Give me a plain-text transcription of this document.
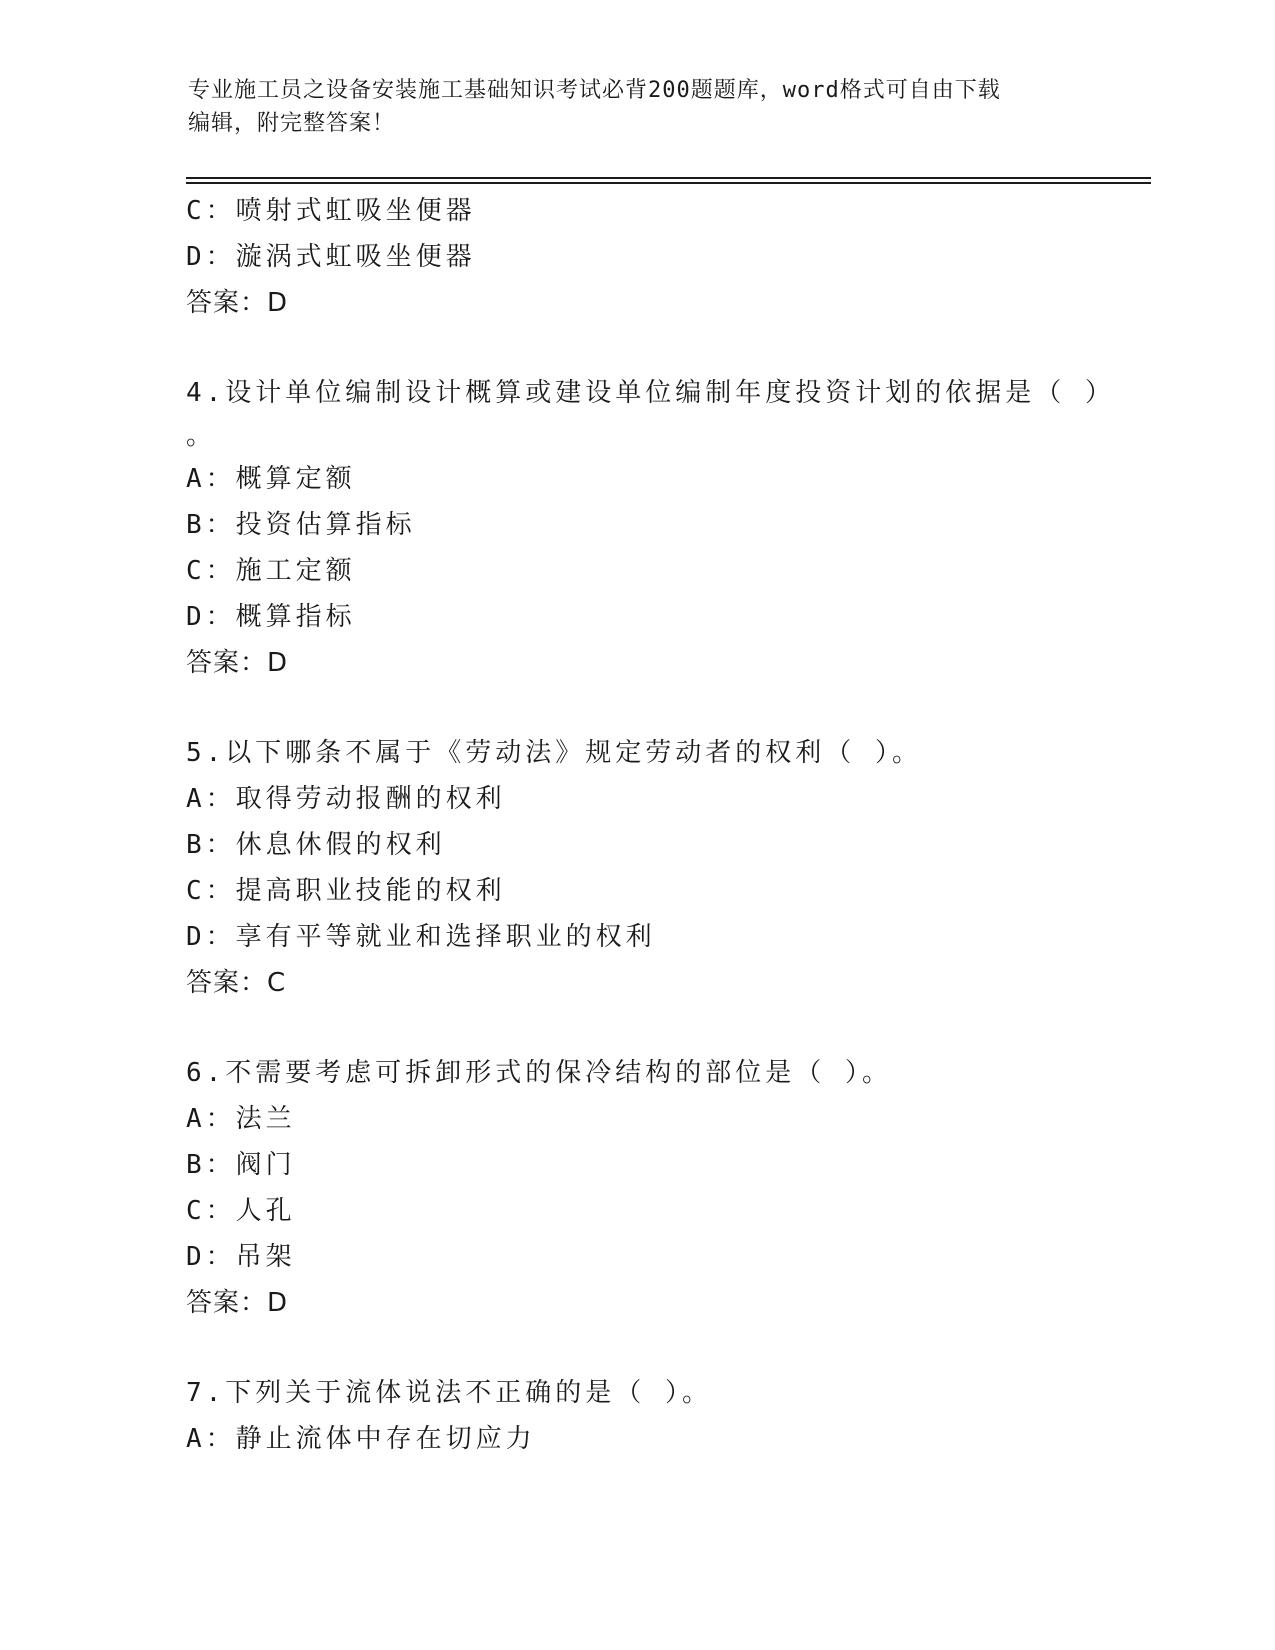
专业施工员之设备安装施工基础知识考试必背200题题库，word格式可自由下载
编辑，附完整答案！
C：喷射式虹吸坐便器
D：漩涡式虹吸坐便器
答案：D
4.设计单位编制设计概算或建设单位编制年度投资计划的依据是（ ）
。
A：概算定额
B：投资估算指标
C：施工定额
D：概算指标
答案：D
5.以下哪条不属于《劳动法》规定劳动者的权利（ ）。
A：取得劳动报酬的权利
B：休息休假的权利
C：提高职业技能的权利
D：享有平等就业和选择职业的权利
答案：C
6.不需要考虑可拆卸形式的保冷结构的部位是（ ）。
A：法兰
B：阀门
C：人孔
D：吊架
答案：D
7.下列关于流体说法不正确的是（ ）。
A：静止流体中存在切应力
